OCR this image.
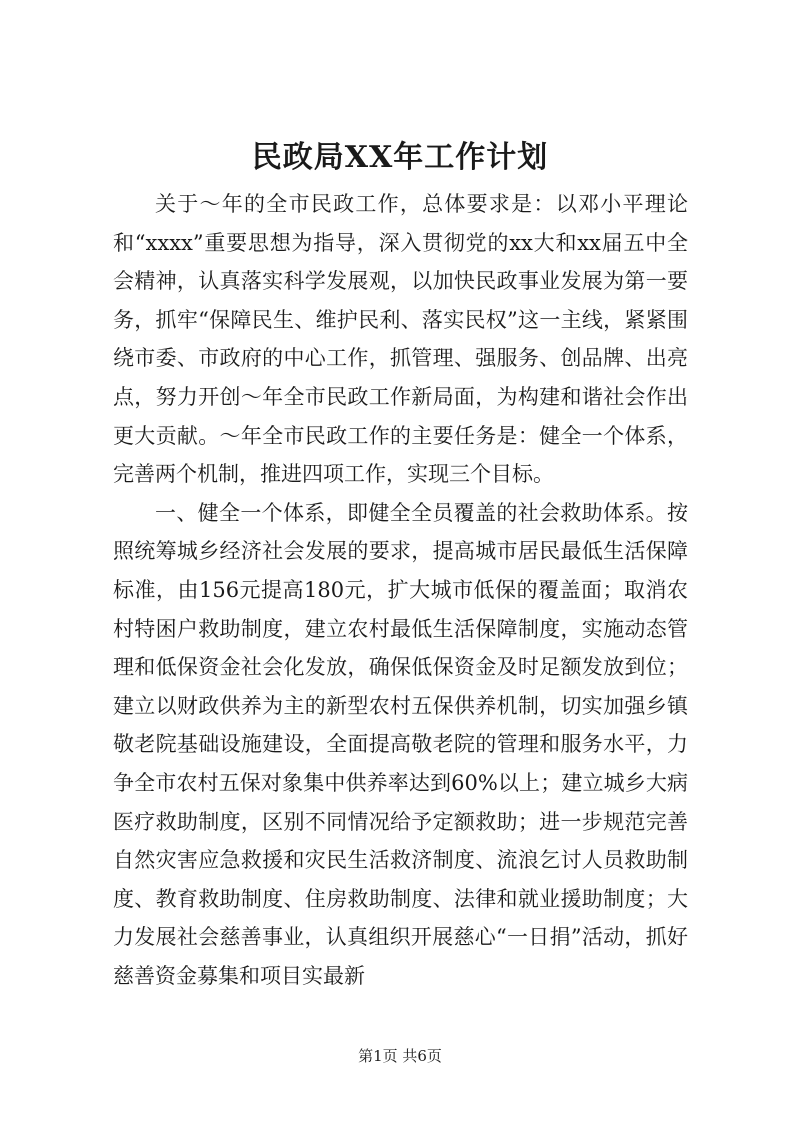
民政局XX年工作计划

关于～年的全市民政工作，总体要求是：以邓小平理论和“xxxx”重要思想为指导，深入贯彻党的xx大和xx届五中全会精神，认真落实科学发展观，以加快民政事业发展为第一要务，抓牢“保障民生、维护民利、落实民权”这一主线，紧紧围绕市委、市政府的中心工作，抓管理、强服务、创品牌、出亮点，努力开创～年全市民政工作新局面，为构建和谐社会作出更大贡献。～年全市民政工作的主要任务是：健全一个体系，完善两个机制，推进四项工作，实现三个目标。

一、健全一个体系，即健全全员覆盖的社会救助体系。按照统筹城乡经济社会发展的要求，提高城市居民最低生活保障标准，由156元提高180元，扩大城市低保的覆盖面；取消农村特困户救助制度，建立农村最低生活保障制度，实施动态管理和低保资金社会化发放，确保低保资金及时足额发放到位；建立以财政供养为主的新型农村五保供养机制，切实加强乡镇敬老院基础设施建设，全面提高敬老院的管理和服务水平，力争全市农村五保对象集中供养率达到60%以上；建立城乡大病医疗救助制度，区别不同情况给予定额救助；进一步规范完善自然灾害应急救援和灾民生活救济制度、流浪乞讨人员救助制度、教育救助制度、住房救助制度、法律和就业援助制度；大力发展社会慈善事业，认真组织开展慈心“一日捐”活动，抓好慈善资金募集和项目实最新

第1页 共6页
